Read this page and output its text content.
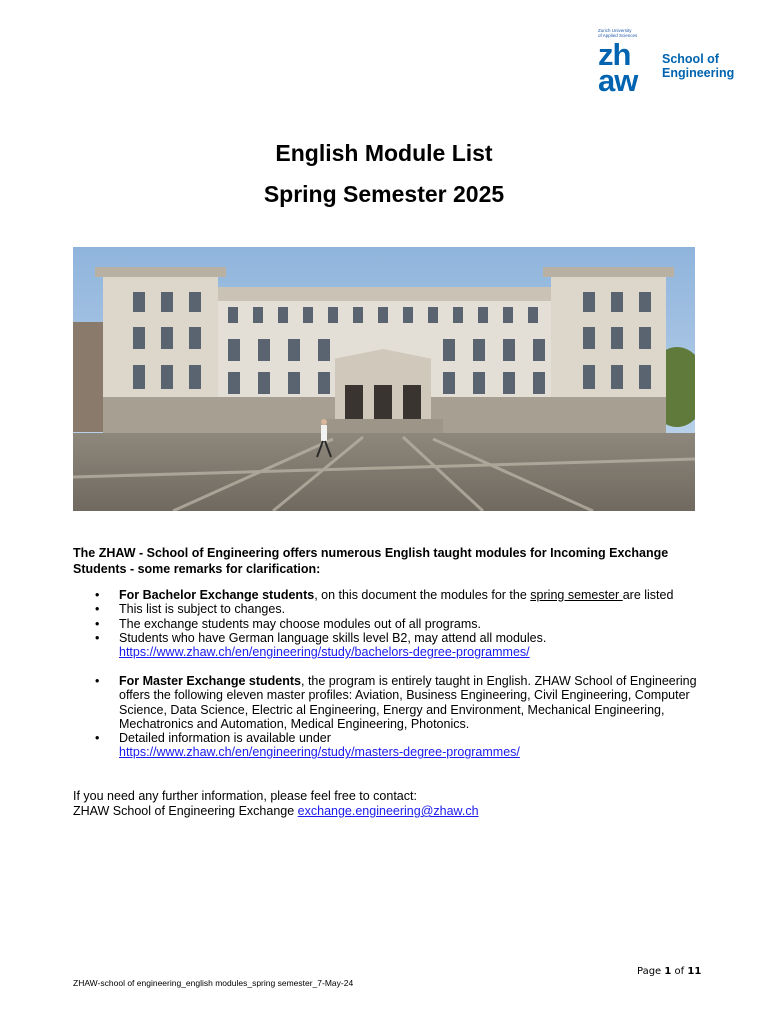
Zurich University
of Applied Sciences
zh
aw
School of
Engineering
English Module List
Spring Semester 2025

The ZHAW - School of Engineering offers numerous English taught modules for Incoming Exchange Students - some remarks for clarification:

• For Bachelor Exchange students, on this document the modules for the spring semester are listed
• This list is subject to changes.
• The exchange students may choose modules out of all programs.
• Students who have German language skills level B2, may attend all modules.
https://www.zhaw.ch/en/engineering/study/bachelors-degree-programmes/
• For Master Exchange students, the program is entirely taught in English. ZHAW School of Engineering offers the following eleven master profiles: Aviation, Business Engineering, Civil Engineering, Computer Science, Data Science, Electric al Engineering, Energy and Environment, Mechanical Engineering, Mechatronics and Automation, Medical Engineering, Photonics.
• Detailed information is available under
https://www.zhaw.ch/en/engineering/study/masters-degree-programmes/
If you need any further information, please feel free to contact:
ZHAW School of Engineering Exchange exchange.engineering@zhaw.ch
Page 1 of 11
ZHAW-school of engineering_english modules_spring semester_7-May-24
